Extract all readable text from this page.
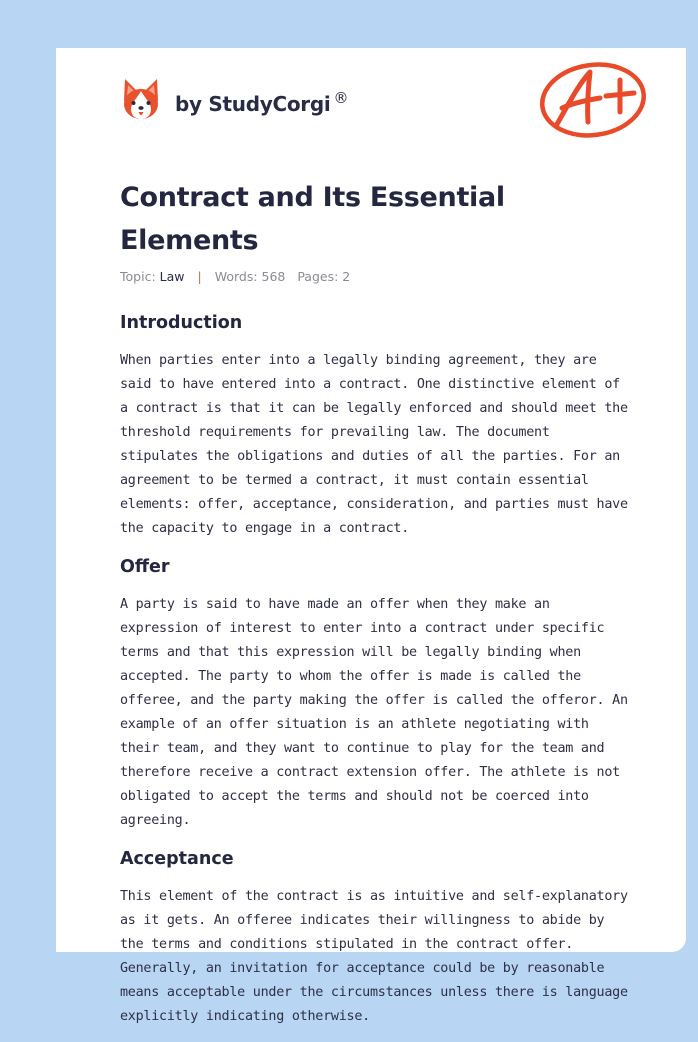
by StudyCorgi ®
Contract and Its Essential Elements
Topic: Law | Words: 568 Pages: 2
Introduction

When parties enter into a legally binding agreement, they are said to have entered into a contract. One distinctive element of a contract is that it can be legally enforced and should meet the threshold requirements for prevailing law. The document stipulates the obligations and duties of all the parties. For an agreement to be termed a contract, it must contain essential elements: offer, acceptance, consideration, and parties must have the capacity to engage in a contract.

Offer

A party is said to have made an offer when they make an expression of interest to enter into a contract under specific terms and that this expression will be legally binding when accepted. The party to whom the offer is made is called the offeree, and the party making the offer is called the offeror. An example of an offer situation is an athlete negotiating with their team, and they want to continue to play for the team and therefore receive a contract extension offer. The athlete is not obligated to accept the terms and should not be coerced into agreeing.

Acceptance

This element of the contract is as intuitive and self-explanatory as it gets. An offeree indicates their willingness to abide by the terms and conditions stipulated in the contract offer. Generally, an invitation for acceptance could be by reasonable means acceptable under the circumstances unless there is language explicitly indicating otherwise.
